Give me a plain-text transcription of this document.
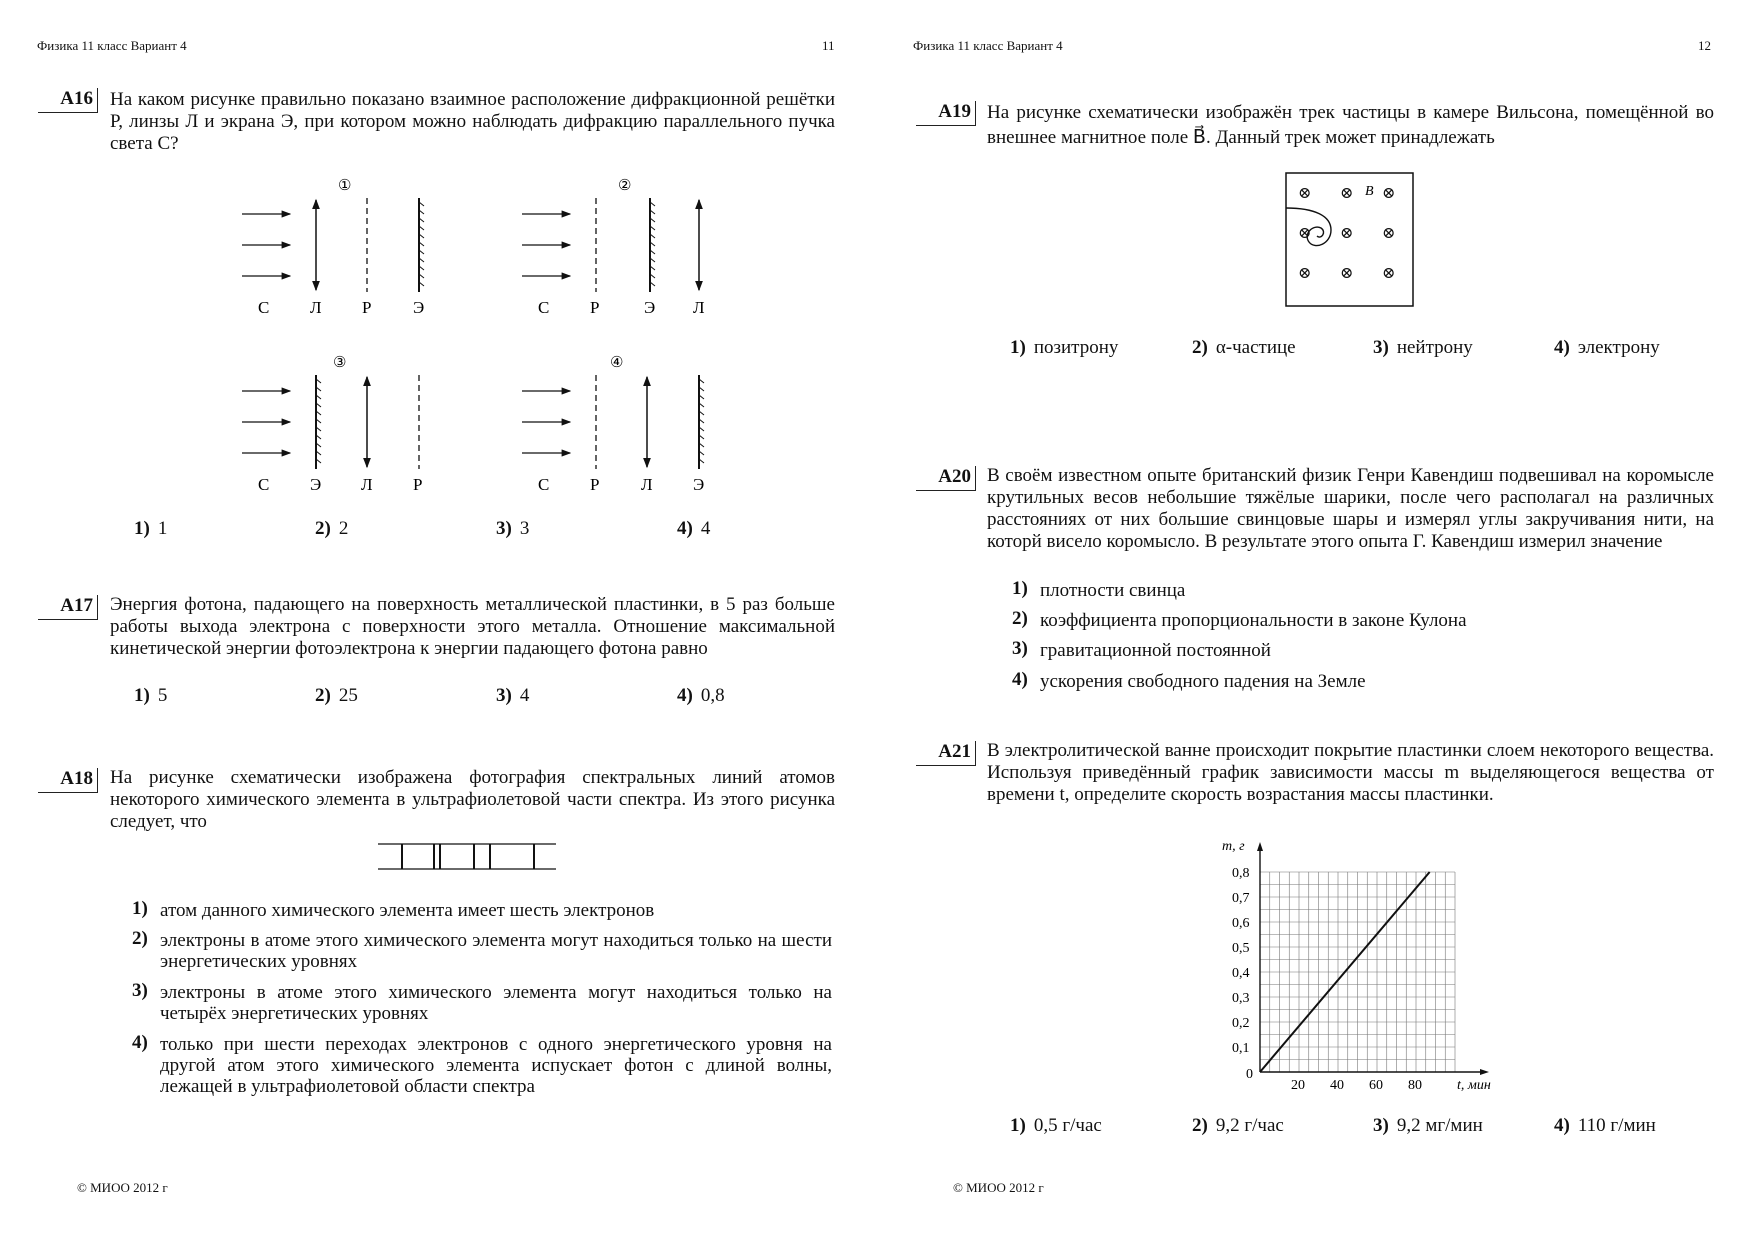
Физика 11 класс Вариант 4	11
A16 На каком рисунке правильно показано взаимное расположение дифракционной решётки Р, линзы Л и экрана Э, при котором можно наблюдать дифракцию параллельного пучка света С?
①
С Л Р Э
②
С Р	Э Л
③
С Э Л Р
④
С Р Л Э
1) 1	2) 2	3) 3	4) 4
A17 Энергия фотона, падающего на поверхность металлической пластинки, в 5 раз больше работы выхода электрона с поверхности этого металла. Отношение максимальной кинетической энергии фотоэлектрона к энергии падающего фотона равно
1) 5	2) 25	3) 4	4) 0,8
A18 На рисунке схематически изображена фотография спектральных линий атомов некоторого химического элемента в ультрафиолетовой части спектра. Из этого рисунка следует, что
1) атом данного химического элемента имеет шесть электронов
2) электроны в атоме этого химического элемента могут находиться только на шести энергетических уровнях
3) электроны в атоме этого химического элемента могут находиться только на четырёх энергетических уровнях
4) только при шести переходах электронов с одного энергетического уровня на другой атом этого химического элемента испускает фотон с длиной волны, лежащей в ультрафиолетовой области спектра
© МИОО 2012 г
Физика 11 класс Вариант 4	12
A19 На рисунке схематически изображён трек частицы в камере Вильсона, помещённой во внешнее магнитное поле B⃗. Данный трек может принадлежать
⊗ ⊗ ⊗
⊗ ⊗ ⊗
⊗ ⊗ ⊗
B⃗
1) позитрону	2) α-частице	3) нейтрону	4) электрону
A20 В своём известном опыте британский физик Генри Кавендиш подвешивал на коромысле крутильных весов небольшие тяжёлые шарики, после чего располагал на различных расстояниях от них большие свинцовые шары и измерял углы закручивания нити, на которй висело коромысло. В результате этого опыта Г. Кавендиш измерил значение
1) плотности свинца
2) коэффициента пропорциональности в законе Кулона
3) гравитационной постоянной
4) ускорения свободного падения на Земле
A21 В электролитической ванне происходит покрытие пластинки слоем некоторого вещества. Используя приведённый график зависимости массы m выделяющегося вещества от времени t, определите скорость возрастания массы пластинки.
20 40 60 80
0,1
0,2
0,3
0,4
0,5
0,6
0,7
0,8
0
t, мин
m, г
1) 0,5 г/час	2) 9,2 г/час	3) 9,2 мг/мин	4) 110 г/мин
© МИОО 2012 г
